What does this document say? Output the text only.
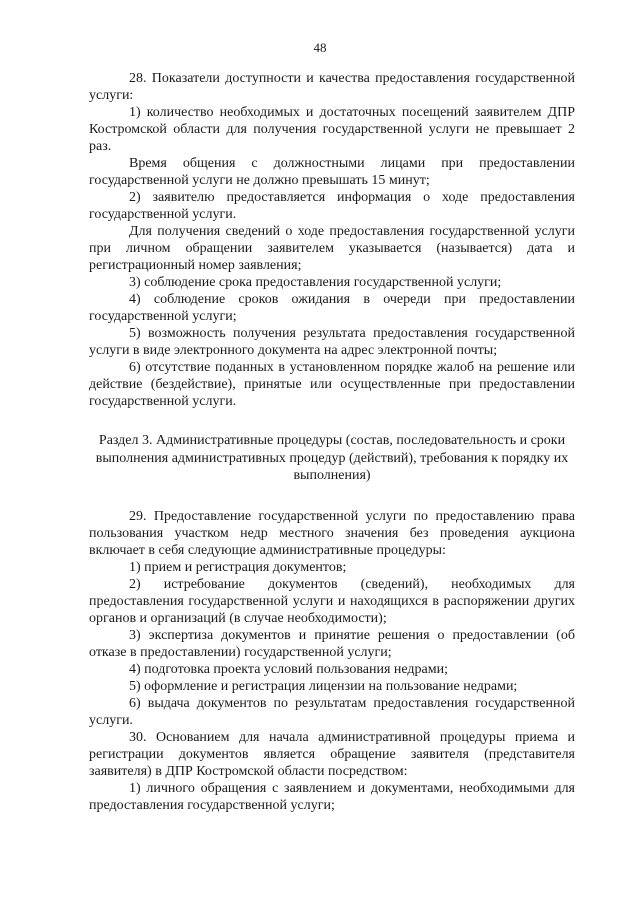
48

28. Показатели доступности и качества предоставления государственной услуги:

1) количество необходимых и достаточных посещений заявителем ДПР Костромской области для получения государственной услуги не превышает 2 раз.

Время общения с должностными лицами при предоставлении государственной услуги не должно превышать 15 минут;

2) заявителю предоставляется информация о ходе предоставления государственной услуги.

Для получения сведений о ходе предоставления государственной услуги при личном обращении заявителем указывается (называется) дата и регистрационный номер заявления;

3) соблюдение срока предоставления государственной услуги;

4) соблюдение сроков ожидания в очереди при предоставлении государственной услуги;

5) возможность получения результата предоставления государственной услуги в виде электронного документа на адрес электронной почты;

6) отсутствие поданных в установленном порядке жалоб на решение или действие (бездействие), принятые или осуществленные при предоставлении государственной услуги.

Раздел 3. Административные процедуры (состав, последовательность и сроки выполнения административных процедур (действий), требования к порядку их выполнения)

29. Предоставление государственной услуги по предоставлению права пользования участком недр местного значения без проведения аукциона включает в себя следующие административные процедуры:

1) прием и регистрация документов;

2) истребование документов (сведений), необходимых для предоставления государственной услуги и находящихся в распоряжении других органов и организаций (в случае необходимости);

3) экспертиза документов и принятие решения о предоставлении (об отказе в предоставлении) государственной услуги;

4) подготовка проекта условий пользования недрами;

5) оформление и регистрация лицензии на пользование недрами;

6) выдача документов по результатам предоставления государственной услуги.

30. Основанием для начала административной процедуры приема и регистрации документов является обращение заявителя (представителя заявителя) в ДПР Костромской области посредством:

1) личного обращения с заявлением и документами, необходимыми для предоставления государственной услуги;
